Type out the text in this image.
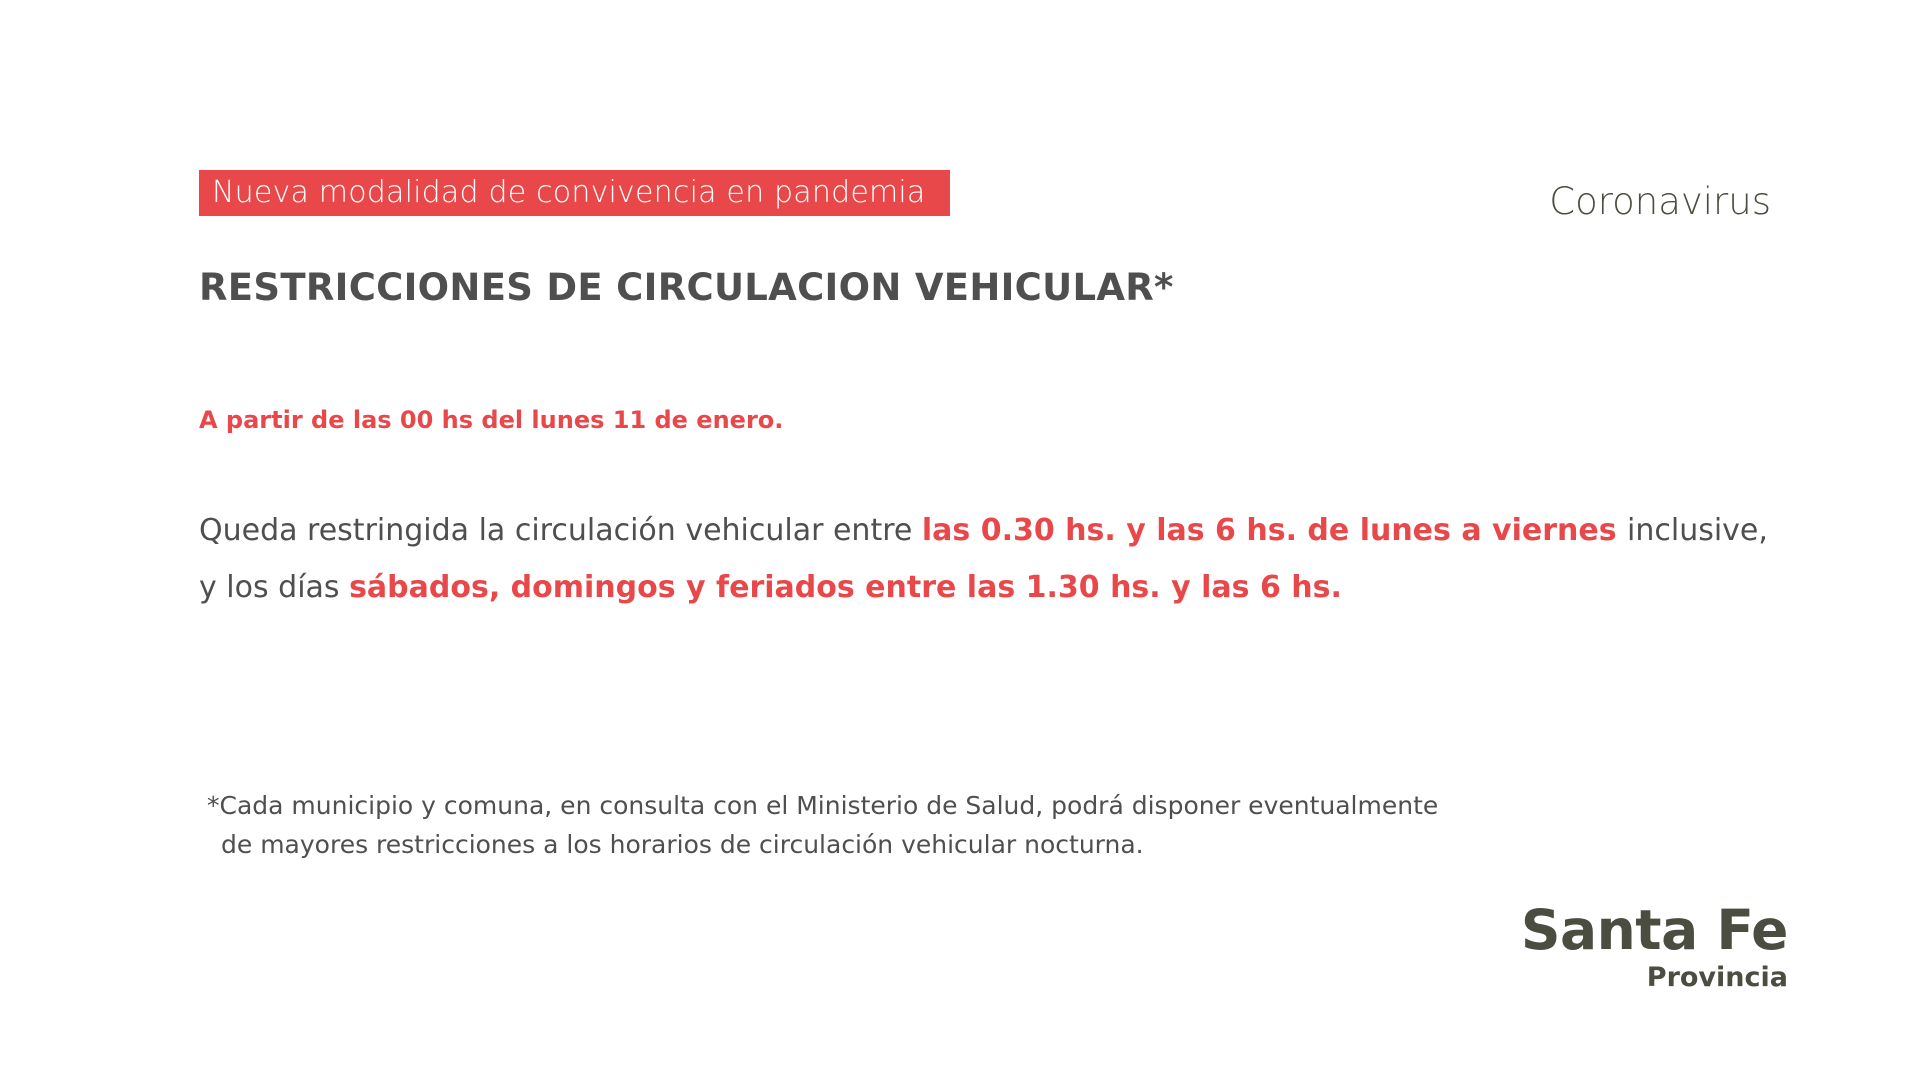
Nueva modalidad de convivencia en pandemia	Coronavirus
RESTRICCIONES DE CIRCULACION VEHICULAR*
A partir de las 00 hs del lunes 11 de enero.
Queda restringida la circulación vehicular entre las 0.30 hs. y las 6 hs. de lunes a viernes inclusive,
y los días sábados, domingos y feriados entre las 1.30 hs. y las 6 hs.
*Cada municipio y comuna, en consulta con el Ministerio de Salud, podrá disponer eventualmente
de mayores restricciones a los horarios de circulación vehicular nocturna.
Santa Fe
Provincia
